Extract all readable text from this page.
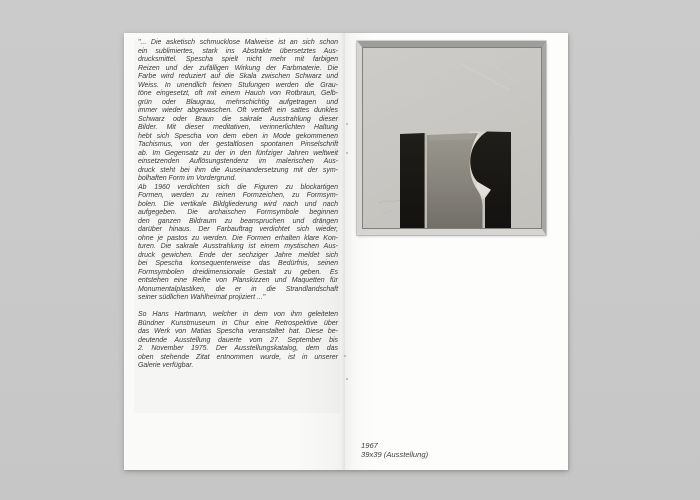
"... Die asketisch schmucklose Malweise ist an sich schon
ein sublimiertes, stark ins Abstrakte übersetztes Aus-
drucksmittel. Spescha spielt nicht mehr mit farbigen
Reizen und der zufälligen Wirkung der Farbmaterie. Die
Farbe wird reduziert auf die Skala zwischen Schwarz und
Weiss. In unendlich feinen Stufungen werden die Grau-
töne eingesetzt, oft mit einem Hauch von Rotbraun, Gelb-
grün oder Blaugrau, mehrschichtig aufgetragen und
immer wieder abgewaschen. Oft vertieft ein sattes dunkles
Schwarz oder Braun die sakrale Ausstrahlung dieser
Bilder. Mit dieser meditativen, verinnerlichten Haltung
hebt sich Spescha von dem eben in Mode gekommenen
Tachismus, von der gestaltlosen spontanen Pinselschrift
ab. Im Gegensatz zu der in den fünfziger Jahren weltweit
einsetzenden Auflösungstendenz im malerischen Aus-
druck steht bei ihm die Auseinandersetzung mit der sym-
bolhaften Form im Vordergrund.
Ab 1960 verdichten sich die Figuren zu blockartigen
Formen, werden zu reinen Formzeichen, zu Formsym-
bolen. Die vertikale Bildgliederung wird nach und nach
aufgegeben. Die archaischen Formsymbole beginnen
den ganzen Bildraum zu beanspruchen und drängen
darüber hinaus. Der Farbauftrag verdichtet sich wieder,
ohne je pastos zu werden. Die Formen erhalten klare Kon-
turen. Die sakrale Ausstrahlung ist einem mystischen Aus-
druck gewichen. Ende der sechziger Jahre meldet sich
bei Spescha konsequenterweise das Bedürfnis, seinen
Formsymbolen dreidimensionale Gestalt zu geben. Es
entstehen eine Reihe von Planskizzen und Maquetten für
Monumentalplastiken, die er in die Strandlandschaft
seiner südlichen Wahlheimat projiziert ..."
So Hans Hartmann, welcher in dem von ihm geleiteten
Bündner Kunstmuseum in Chur eine Retrospektive über
das Werk von Matias Spescha veranstaltet hat. Diese be-
deutende Ausstellung dauerte vom 27. September bis
2. November 1975. Der Ausstellungskatalog, dem das
oben stehende Zitat entnommen wurde, ist in unserer
Galerie verfügbar.
1967
39x39 (Ausstellung)
